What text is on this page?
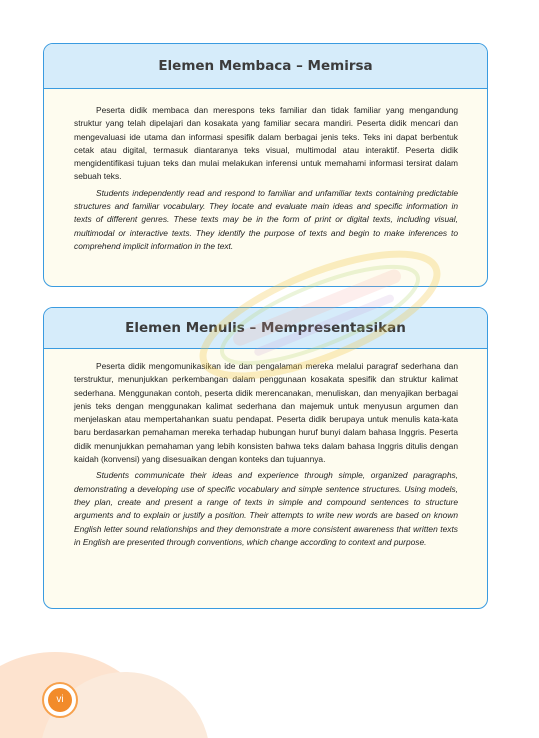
Elemen Membaca – Memirsa

Peserta didik membaca dan merespons teks familiar dan tidak familiar yang mengandung struktur yang telah dipelajari dan kosakata yang familiar secara mandiri. Peserta didik mencari dan mengevaluasi ide utama dan informasi spesifik dalam berbagai jenis teks. Teks ini dapat berbentuk cetak atau digital, termasuk diantaranya teks visual, multimodal atau interaktif. Peserta didik mengidentifikasi tujuan teks dan mulai melakukan inferensi untuk memahami informasi tersirat dalam sebuah teks.

Students independently read and respond to familiar and unfamiliar texts containing predictable structures and familiar vocabulary. They locate and evaluate main ideas and specific information in texts of different genres. These texts may be in the form of print or digital texts, including visual, multimodal or interactive texts. They identify the purpose of texts and begin to make inferences to comprehend implicit information in the text.

Elemen Menulis – Mempresentasikan

Peserta didik mengomunikasikan ide dan pengalaman mereka melalui paragraf sederhana dan terstruktur, menunjukkan perkembangan dalam penggunaan kosakata spesifik dan struktur kalimat sederhana. Menggunakan contoh, peserta didik merencanakan, menuliskan, dan menyajikan berbagai jenis teks dengan menggunakan kalimat sederhana dan majemuk untuk menyusun argumen dan menjelaskan atau mempertahankan suatu pendapat. Peserta didik berupaya untuk menulis kata-kata baru berdasarkan pemahaman mereka terhadap hubungan huruf bunyi dalam bahasa Inggris. Peserta didik menunjukkan pemahaman yang lebih konsisten bahwa teks dalam bahasa Inggris ditulis dengan kaidah (konvensi) yang disesuaikan dengan konteks dan tujuannya.

Students communicate their ideas and experience through simple, organized paragraphs, demonstrating a developing use of specific vocabulary and simple sentence structures. Using models, they plan, create and present a range of texts in simple and compound sentences to structure arguments and to explain or justify a position. Their attempts to write new words are based on known English letter sound relationships and they demonstrate a more consistent awareness that written texts in English are presented through conventions, which change according to context and purpose.

vi
